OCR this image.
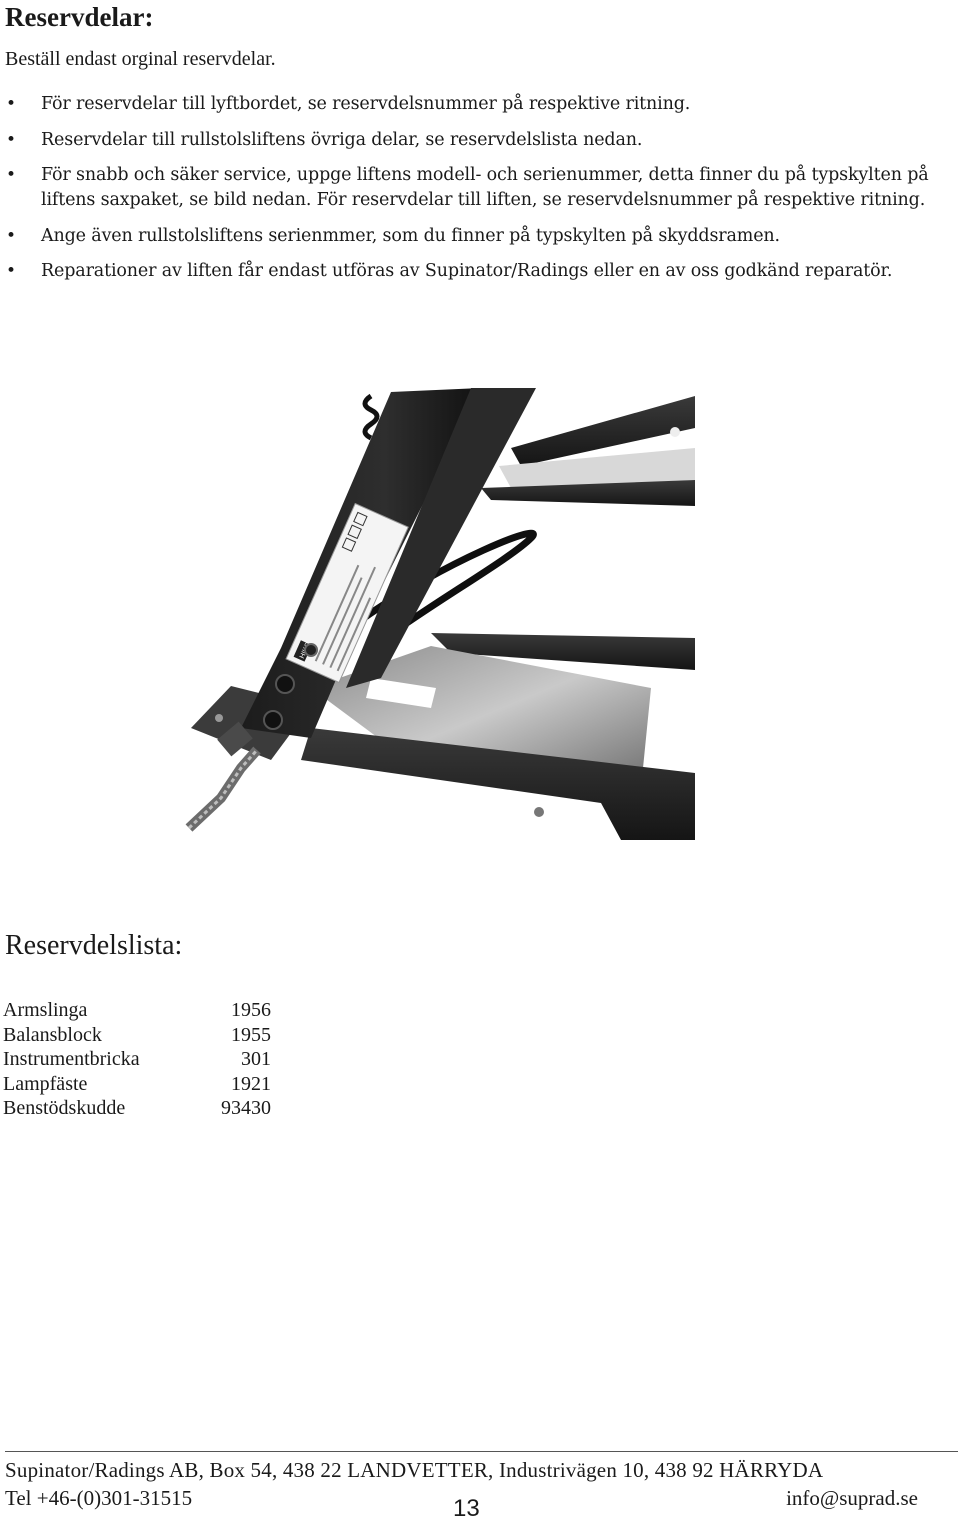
Reservdelar:

Beställ endast orginal reservdelar.

• För reservdelar till lyftbordet, se reservdelsnummer på respektive ritning.
• Reservdelar till rullstolsliftens övriga delar, se reservdelslista nedan.
• För snabb och säker service, uppge liftens modell- och serienummer, detta finner du på typskylten på liftens saxpaket, se bild nedan. För reservdelar till liften, se reservdelsnummer på respektive ritning.
• Ange även rullstolsliftens serienmmer, som du finner på typskylten på skyddsramen.
• Reparationer av liften får endast utföras av Supinator/Radings eller en av oss godkänd reparatör.
Reservdelslista:
Armslinga	1956
Balansblock	1955
Instrumentbricka	301
Lampfäste	1921
Benstödskudde	93430
Supinator/Radings AB, Box 54, 438 22 LANDVETTER, Industrivägen 10, 438 92 HÄRRYDA
Tel +46-(0)301-31515	13	info@suprad.se
